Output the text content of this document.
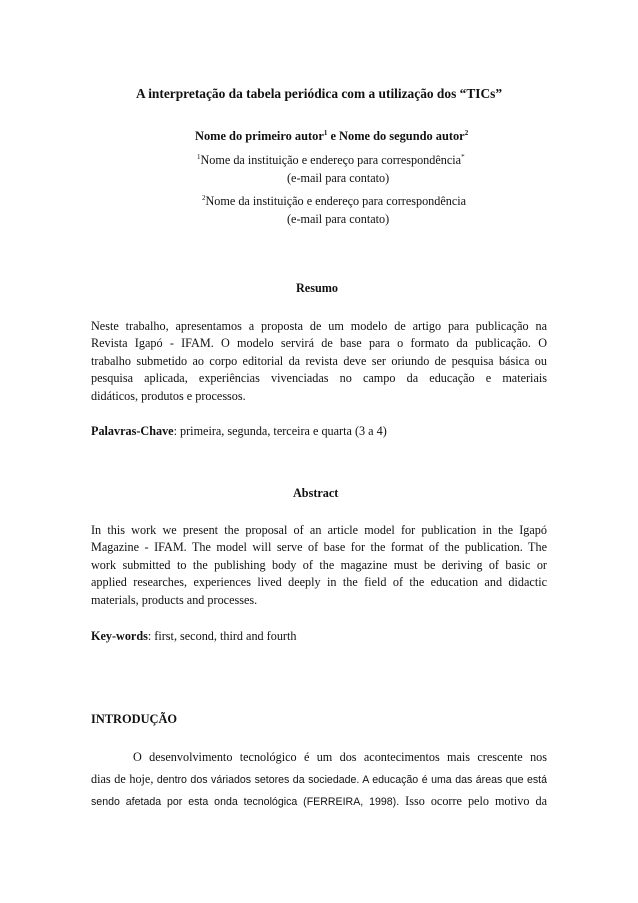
A interpretação da tabela periódica com a utilização dos “TICs”
Nome do primeiro autor$^1$ e Nome do segundo autor$^2$
$^1$Nome da instituição e endereço para correspondência*
(e-mail para contato)
$^2$Nome da instituição e endereço para correspondência
(e-mail para contato)
Resumo
Neste trabalho, apresentamos a proposta de um modelo de artigo para publicação na
Revista Igapó - IFAM. O modelo servirá de base para o formato da publicação. O
trabalho submetido ao corpo editorial da revista deve ser oriundo de pesquisa básica ou
pesquisa aplicada, experiências vivenciadas no campo da educação e materiais
didáticos, produtos e processos.
Palavras-Chave: primeira, segunda, terceira e quarta (3 a 4)
Abstract
In this work we present the proposal of an article model for publication in the Igapó
Magazine - IFAM. The model will serve of base for the format of the publication. The
work submitted to the publishing body of the magazine must be deriving of basic or
applied researches, experiences lived deeply in the field of the education and didactic
materials, products and processes.
Key-words: first, second, third and fourth
INTRODUÇÃO
O desenvolvimento tecnológico é um dos acontecimentos mais crescente nos
dias de hoje, dentro dos váriados setores da sociedade. A educação é uma das áreas que está
sendo afetada por esta onda tecnológica (FERREIRA, 1998). Isso ocorre pelo motivo da
